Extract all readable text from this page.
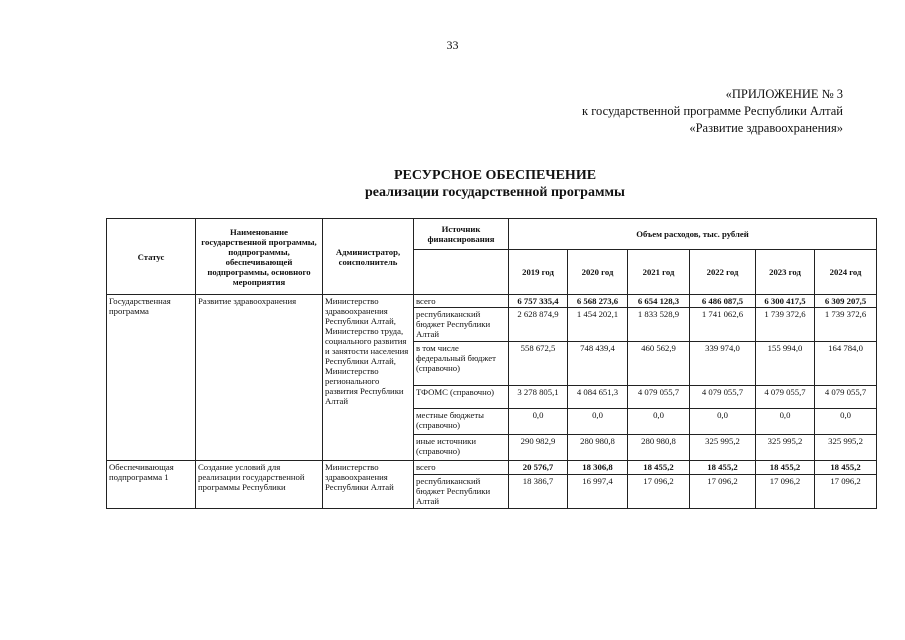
33
«ПРИЛОЖЕНИЕ № 3
к государственной программе Республики Алтай
«Развитие здравоохранения»
РЕСУРСНОЕ ОБЕСПЕЧЕНИЕ
реализации государственной программы
Статус	Наименование государственной программы, подпрограммы, обеспечивающей подпрограммы, основного мероприятия	Администратор, соисполнитель	Источник финансирования	Объем расходов, тыс. рублей					
				2019 год	2020 год	2021 год	2022 год	2023 год	2024 год
Государственная программа	Развитие здравоохранения	Министерство здравоохранения Республики Алтай, Министерство труда, социального развития и занятости населения Республики Алтай, Министерство регионального развития Республики Алтай	всего	6 757 335,4	6 568 273,6	6 654 128,3	6 486 087,5	6 300 417,5	6 309 207,5
			республиканский бюджет Республики Алтай	2 628 874,9	1 454 202,1	1 833 528,9	1 741 062,6	1 739 372,6	1 739 372,6
			в том числе федеральный бюджет (справочно)	558 672,5	748 439,4	460 562,9	339 974,0	155 994,0	164 784,0
			ТФОМС (справочно)	3 278 805,1	4 084 651,3	4 079 055,7	4 079 055,7	4 079 055,7	4 079 055,7
			местные бюджеты (справочно)	0,0	0,0	0,0	0,0	0,0	0,0
			иные источники (справочно)	290 982,9	280 980,8	280 980,8	325 995,2	325 995,2	325 995,2
Обеспечивающая подпрограмма 1	Создание условий для реализации государственной программы Республики	Министерство здравоохранения Республики Алтай	всего	20 576,7	18 306,8	18 455,2	18 455,2	18 455,2	18 455,2
			республиканский бюджет Республики Алтай	18 386,7	16 997,4	17 096,2	17 096,2	17 096,2	17 096,2
